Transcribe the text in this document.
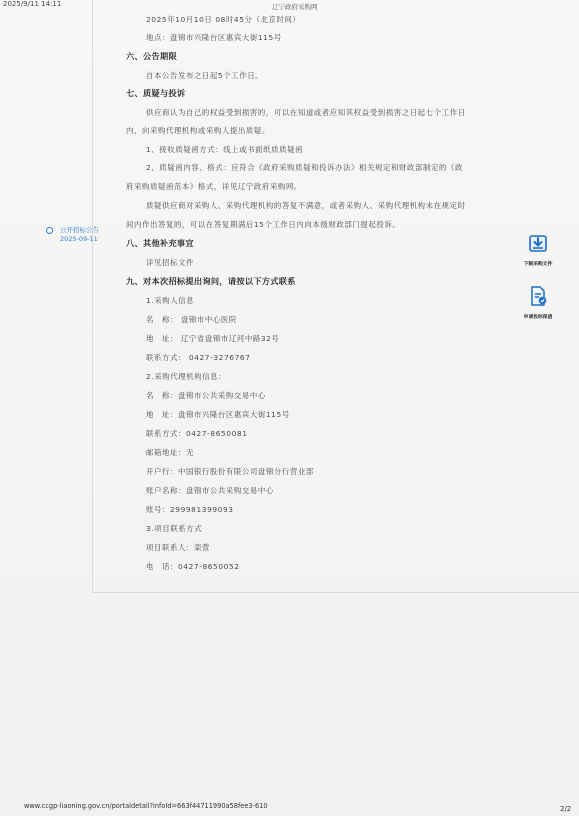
2025/9/11 14:11	辽宁政府采购网
2025年10月10日 08时45分（北京时间）
地点：盘锦市兴隆台区惠宾大街115号
六、公告期限
自本公告发布之日起5个工作日。
七、质疑与投诉
供应商认为自己的权益受到损害的，可以在知道或者应知其权益受到损害之日起七个工作日
内，向采购代理机构或采购人提出质疑。
1、接收质疑函方式：线上或书面纸质质疑函
2、质疑函内容、格式：应符合《政府采购质疑和投诉办法》相关规定和财政部制定的《政
府采购质疑函范本》格式，详见辽宁政府采购网。
质疑供应商对采购人、采购代理机构的答复不满意，或者采购人、采购代理机构未在规定时
间内作出答复的，可以在答复期满后15个工作日内向本级财政部门提起投诉。
八、其他补充事宜
详见招标文件
九、对本次招标提出询问，请按以下方式联系
1.采购人信息
名　称： 盘锦市中心医院
地　址： 辽宁省盘锦市辽河中路32号
联系方式： 0427-3276767
2.采购代理机构信息：
名　称：盘锦市公共采购交易中心
地　址：盘锦市兴隆台区惠宾大街115号
联系方式：0427-8650081
邮箱地址：无
开户行：中国银行股份有限公司盘锦分行营业部
账户名称：盘锦市公共采购交易中心
账号：299981399093
3.项目联系方式
项目联系人：栾萱
电　话：0427-8650052
公开招标公告
2025-09-11
下载采购文件
申请投标保函
www.ccgp-liaoning.gov.cn/portaldetail?infoId=663f44711990a58fee3-610	2/2
